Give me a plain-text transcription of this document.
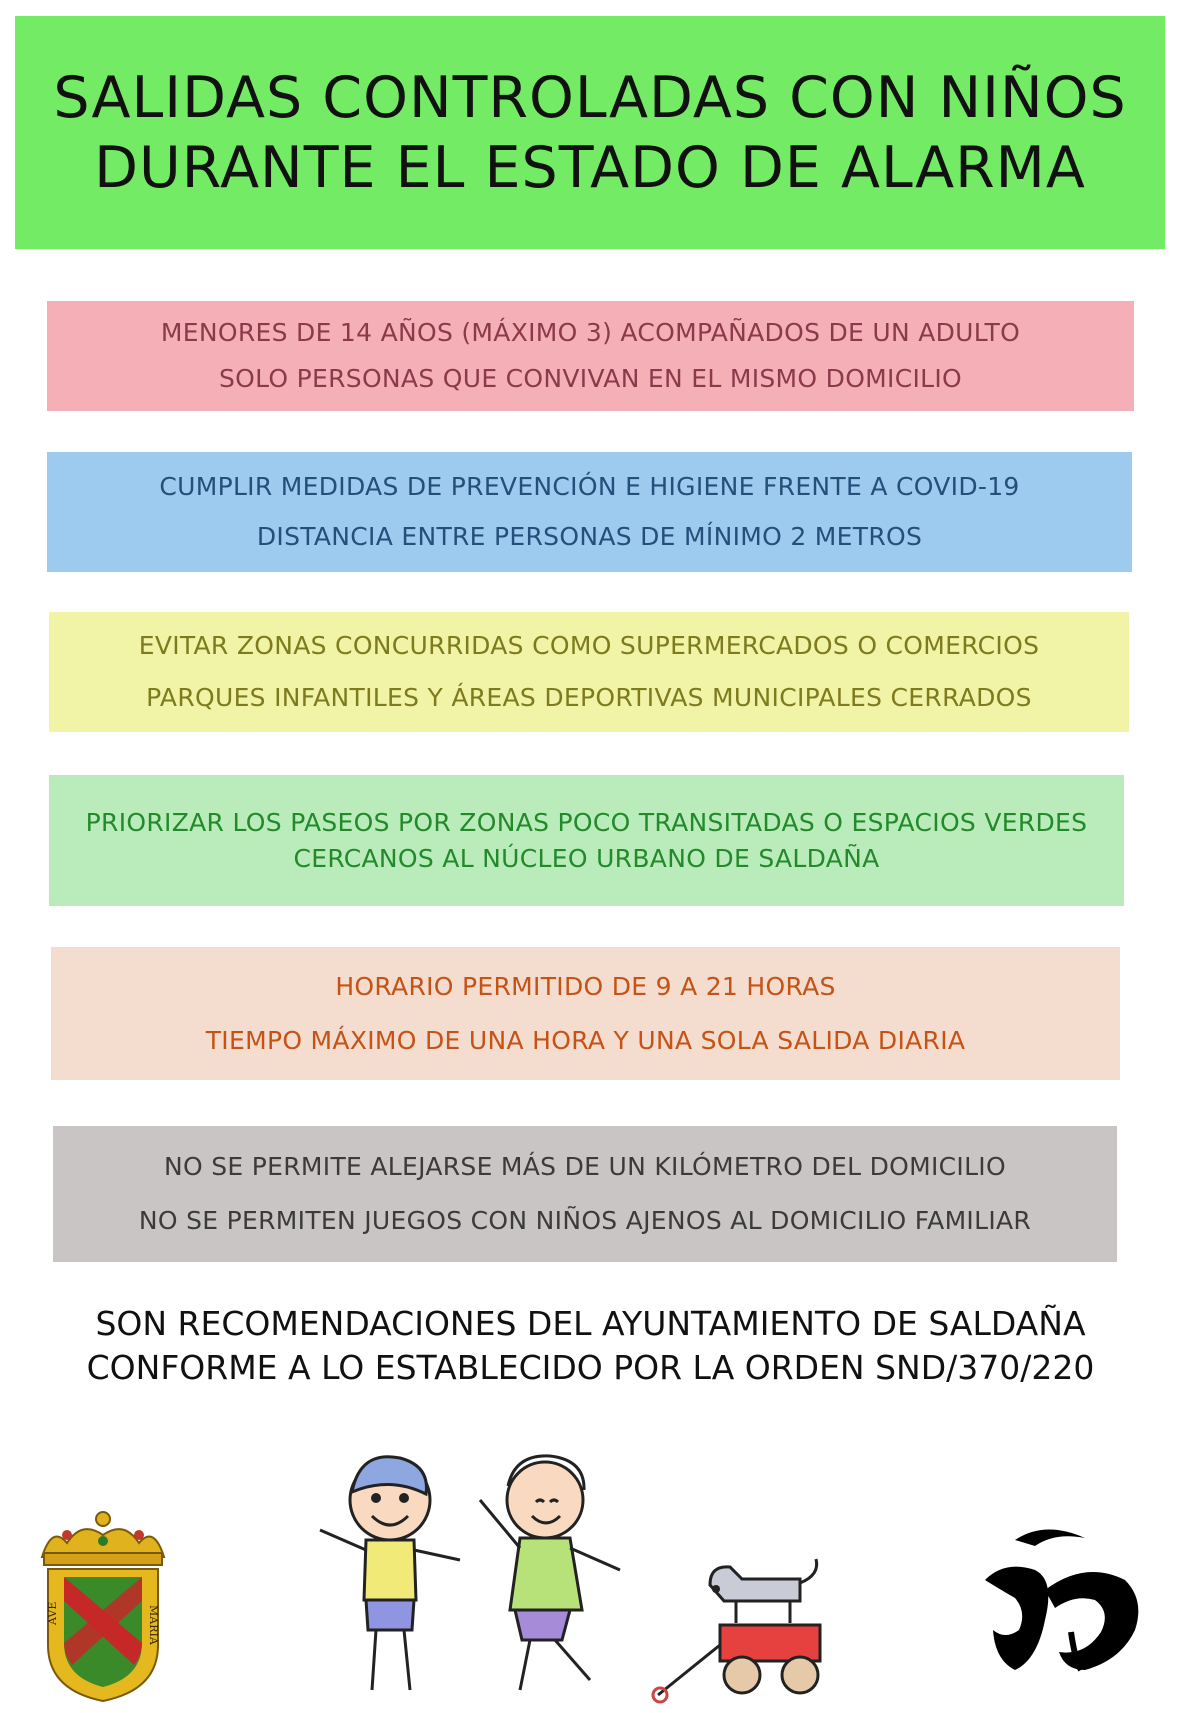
SALIDAS CONTROLADAS CON NIÑOS
DURANTE EL ESTADO DE ALARMA
MENORES DE 14 AÑOS (MÁXIMO 3) ACOMPAÑADOS DE UN ADULTO
SOLO PERSONAS QUE CONVIVAN EN EL MISMO DOMICILIO
CUMPLIR MEDIDAS DE PREVENCIÓN E HIGIENE FRENTE A COVID-19
DISTANCIA ENTRE PERSONAS DE MÍNIMO 2 METROS
EVITAR ZONAS CONCURRIDAS COMO SUPERMERCADOS O COMERCIOS
PARQUES INFANTILES Y ÁREAS DEPORTIVAS MUNICIPALES CERRADOS
PRIORIZAR LOS PASEOS POR ZONAS POCO TRANSITADAS O ESPACIOS VERDES
CERCANOS AL NÚCLEO URBANO DE SALDAÑA
HORARIO PERMITIDO DE 9 A 21 HORAS
TIEMPO MÁXIMO DE UNA HORA Y UNA SOLA SALIDA DIARIA
NO SE PERMITE ALEJARSE MÁS DE UN KILÓMETRO DEL DOMICILIO
NO SE PERMITEN JUEGOS CON NIÑOS AJENOS AL DOMICILIO FAMILIAR
SON RECOMENDACIONES DEL AYUNTAMIENTO DE SALDAÑA
CONFORME A LO ESTABLECIDO POR LA ORDEN SND/370/220
AVE	MARIA
